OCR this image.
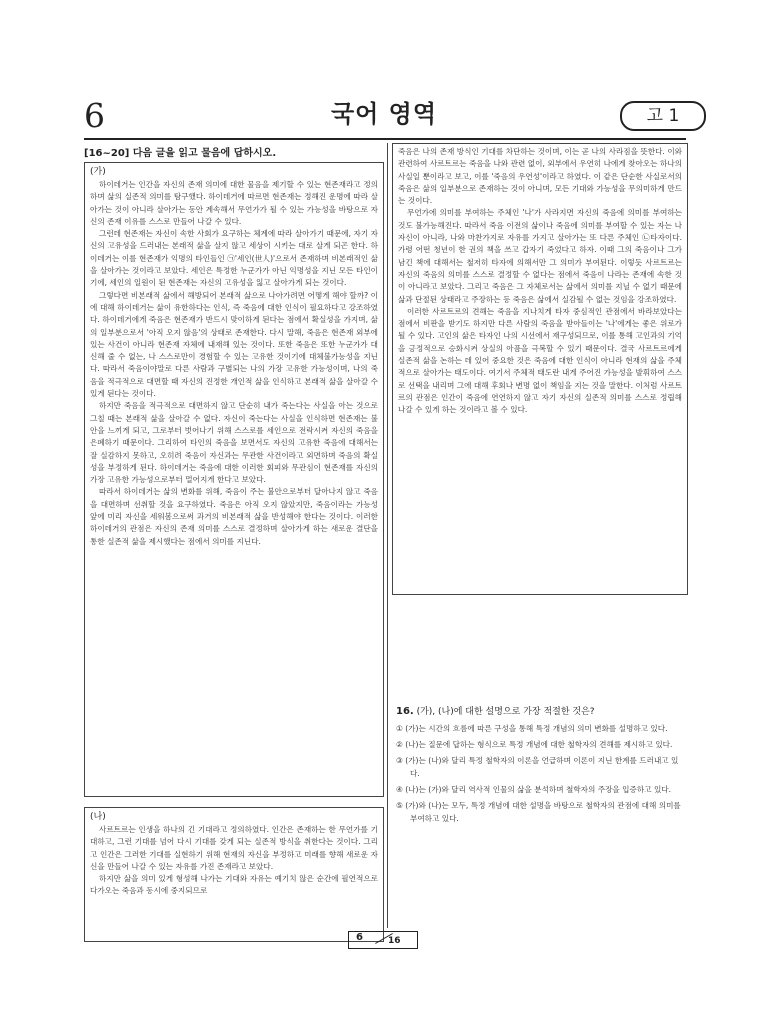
6	국어 영역	고 1
[16~20] 다음 글을 읽고 물음에 답하시오.
(가)

하이데거는 인간을 자신의 존재 의미에 대한 물음을 제기할 수 있는 현존재라고 정의하며 삶의 실존적 의미를 탐구했다. 하이데거에 따르면 현존재는 정해진 운명에 따라 살아가는 것이 아니라 살아가는 동안 계속해서 무언가가 될 수 있는 가능성을 바탕으로 자신의 존재 이유를 스스로 만들어 나갈 수 있다.

그런데 현존재는 자신이 속한 사회가 요구하는 체계에 따라 살아가기 때문에, 자기 자신의 고유성을 드러내는 본래적 삶을 살지 않고 세상이 시키는 대로 살게 되곤 한다. 하이데거는 이를 현존재가 익명의 타인들인 ㉠'세인(世人)'으로서 존재하며 비본래적인 삶을 살아가는 것이라고 보았다. 세인은 특정한 누군가가 아닌 익명성을 지닌 모든 타인이기에, 세인의 일원이 된 현존재는 자신의 고유성을 잃고 살아가게 되는 것이다.

그렇다면 비본래적 삶에서 해방되어 본래적 삶으로 나아가려면 어떻게 해야 할까? 이에 대해 하이데거는 삶이 유한하다는 인식, 즉 죽음에 대한 인식이 필요하다고 강조하였다. 하이데거에게 죽음은 현존재가 반드시 맞이하게 된다는 점에서 확실성을 가지며, 삶의 일부분으로서 '아직 오지 않음'의 상태로 존재한다. 다시 말해, 죽음은 현존재 외부에 있는 사건이 아니라 현존재 자체에 내재해 있는 것이다. 또한 죽음은 또한 누군가가 대신해 줄 수 없는, 나 스스로만이 경험할 수 있는 고유한 것이기에 대체불가능성을 지닌다. 따라서 죽음이야말로 다른 사람과 구별되는 나의 가장 고유한 가능성이며, 나의 죽음을 적극적으로 대면할 때 자신의 진정한 개인적 삶을 인식하고 본래적 삶을 살아갈 수 있게 된다는 것이다.

하지만 죽음을 적극적으로 대면하지 않고 단순히 내가 죽는다는 사실을 아는 것으로 그칠 때는 본래적 삶을 살아갈 수 없다. 자신이 죽는다는 사실을 인식하면 현존재는 불안을 느끼게 되고, 그로부터 벗어나기 위해 스스로를 세인으로 전락시켜 자신의 죽음을 은폐하기 때문이다. 그리하여 타인의 죽음을 보면서도 자신의 고유한 죽음에 대해서는 잘 실감하지 못하고, 오히려 죽음이 자신과는 무관한 사건이라고 외면하며 죽음의 확실성을 부정하게 된다. 하이데거는 죽음에 대한 이러한 회피와 무관심이 현존재를 자신의 가장 고유한 가능성으로부터 멀어지게 한다고 보았다.

따라서 하이데거는 삶의 변화를 위해, 죽음이 주는 불안으로부터 달아나지 않고 죽음을 대면하며 선취할 것을 요구하였다. 죽음은 아직 오지 않았지만, 죽음이라는 가능성 앞에 미리 자신을 세워봄으로써 과거의 비본래적 삶을 반성해야 한다는 것이다. 이러한 하이데거의 관점은 자신의 존재 의미를 스스로 결정하며 살아가게 하는 새로운 결단을 통한 실존적 삶을 제시했다는 점에서 의미를 지닌다.

(나)

사르트르는 인생을 하나의 긴 기대라고 정의하였다. 인간은 존재하는 한 무언가를 기대하고, 그런 기대를 넘어 다시 기대를 갖게 되는 실존적 방식을 취한다는 것이다. 그리고 인간은 그러한 기대를 실현하기 위해 현재의 자신을 부정하고 미래를 향해 새로운 자신을 만들어 나갈 수 있는 자유를 가진 존재라고 보았다.

하지만 삶을 의미 있게 형성해 나가는 기대와 자유는 예기치 않은 순간에 필연적으로 다가오는 죽음과 동시에 중지되므로

죽음은 나의 존재 방식인 기대를 차단하는 것이며, 이는 곧 나의 사라짐을 뜻한다. 이와 관련하여 사르트르는 죽음을 나와 관련 없이, 외부에서 우연히 나에게 찾아오는 하나의 사실일 뿐이라고 보고, 이를 '죽음의 우연성'이라고 하였다. 이 같은 단순한 사실로서의 죽음은 삶의 일부분으로 존재하는 것이 아니며, 모든 기대와 가능성을 무의미하게 만드는 것이다.

무언가에 의미를 부여하는 주체인 '나'가 사라지면 자신의 죽음에 의미를 부여하는 것도 불가능해진다. 따라서 죽음 이전의 삶이나 죽음에 의미를 부여할 수 있는 자는 나 자신이 아니라, 나와 마찬가지로 자유를 가지고 살아가는 또 다른 주체인 ㉡타자이다. 가령 어떤 청년이 한 권의 책을 쓰고 갑자기 죽었다고 하자. 이때 그의 죽음이나 그가 남긴 책에 대해서는 철저히 타자에 의해서만 그 의미가 부여된다. 이렇듯 사르트르는 자신의 죽음의 의미를 스스로 결정할 수 없다는 점에서 죽음이 나라는 존재에 속한 것이 아니라고 보았다. 그리고 죽음은 그 자체로서는 삶에서 의미를 지닐 수 없기 때문에 삶과 단절된 상태라고 주장하는 등 죽음은 삶에서 실감될 수 없는 것임을 강조하였다.

이러한 사르트르의 견해는 죽음을 지나치게 타자 중심적인 관점에서 바라보았다는 점에서 비판을 받기도 하지만 다른 사람의 죽음을 받아들이는 '나'에게는 좋은 위로가 될 수 있다. 고인의 삶은 타자인 나의 시선에서 재구성되므로, 이를 통해 고인과의 기억을 긍정적으로 승화시켜 상실의 아픔을 극복할 수 있기 때문이다. 결국 사르트르에게 실존적 삶을 논하는 데 있어 중요한 것은 죽음에 대한 인식이 아니라 현재의 삶을 주체적으로 살아가는 태도이다. 여기서 주체적 태도란 내게 주어진 가능성을 발휘하여 스스로 선택을 내리며 그에 대해 후회나 변명 없이 책임을 지는 것을 말한다. 이처럼 사르트르의 관점은 인간이 죽음에 연연하지 않고 자기 자신의 실존적 의미를 스스로 정립해 나갈 수 있게 하는 것이라고 볼 수 있다.

16. (가), (나)에 대한 설명으로 가장 적절한 것은?
① (가)는 시간의 흐름에 따른 구성을 통해 특정 개념의 의미 변화를 설명하고 있다.
② (나)는 질문에 답하는 형식으로 특정 개념에 대한 철학자의 견해를 제시하고 있다.
③ (가)는 (나)와 달리 특정 철학자의 이론을 언급하며 이론이 지닌 한계를 드러내고 있다.
④ (나)는 (가)와 달리 역사적 인물의 삶을 분석하며 철학자의 주장을 입증하고 있다.
⑤ (가)와 (나)는 모두, 특정 개념에 대한 설명을 바탕으로 철학자의 관점에 대해 의미를 부여하고 있다.
6	16
